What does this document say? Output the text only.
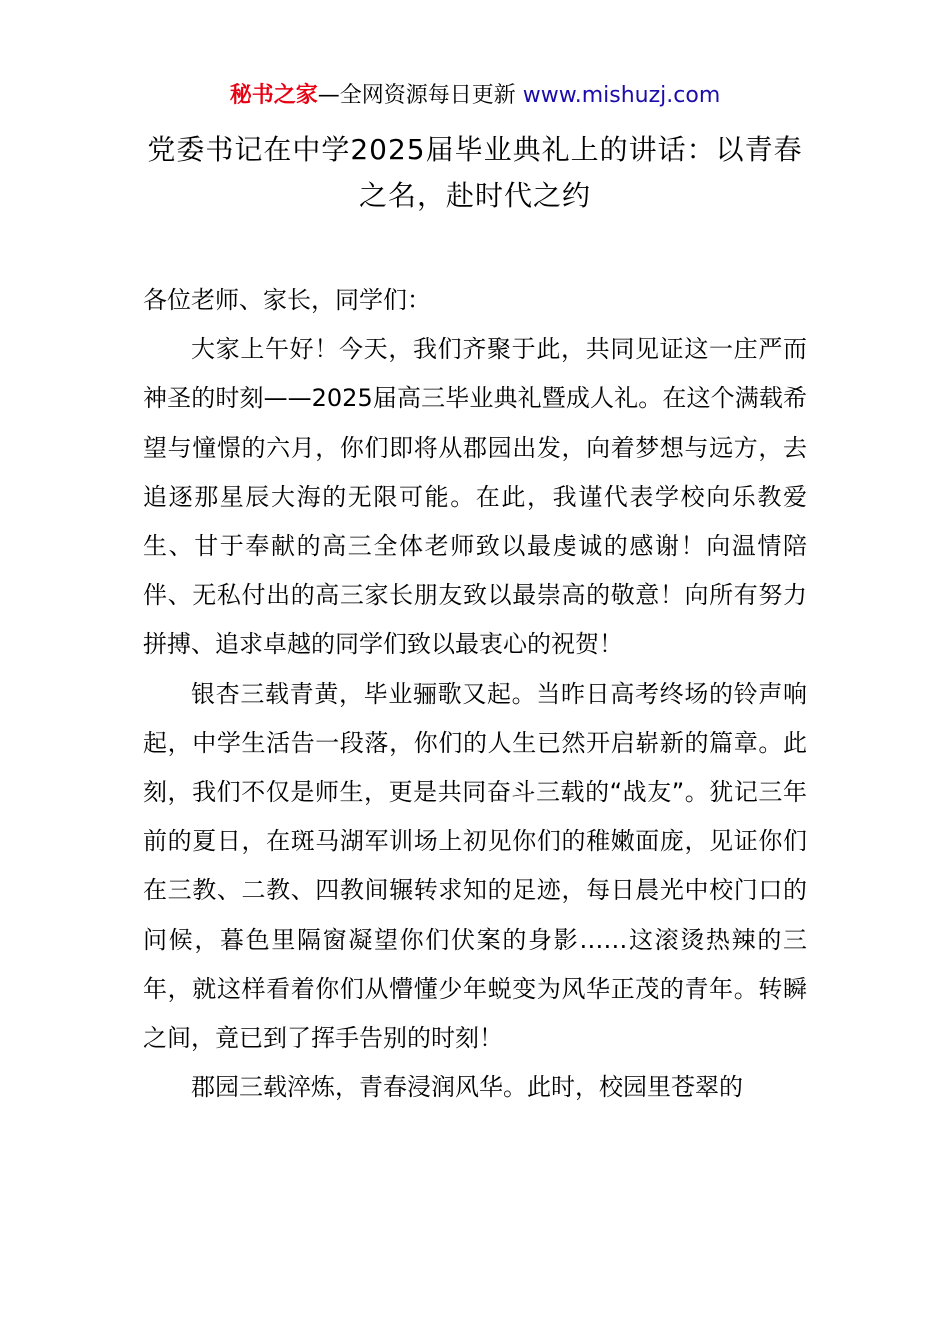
秘书之家—全网资源每日更新 www.mishuzj.com
党委书记在中学2025届毕业典礼上的讲话：以青春之名，赴时代之约

各位老师、家长，同学们：

大家上午好！今天，我们齐聚于此，共同见证这一庄严而神圣的时刻——2025届高三毕业典礼暨成人礼。在这个满载希望与憧憬的六月，你们即将从郡园出发，向着梦想与远方，去追逐那星辰大海的无限可能。在此，我谨代表学校向乐教爱生、甘于奉献的高三全体老师致以最虔诚的感谢！向温情陪伴、无私付出的高三家长朋友致以最崇高的敬意！向所有努力拼搏、追求卓越的同学们致以最衷心的祝贺！

银杏三载青黄，毕业骊歌又起。当昨日高考终场的铃声响起，中学生活告一段落，你们的人生已然开启崭新的篇章。此刻，我们不仅是师生，更是共同奋斗三载的“战友”。犹记三年前的夏日，在斑马湖军训场上初见你们的稚嫩面庞，见证你们在三教、二教、四教间辗转求知的足迹，每日晨光中校门口的问候，暮色里隔窗凝望你们伏案的身影……这滚烫热辣的三年，就这样看着你们从懵懂少年蜕变为风华正茂的青年。转瞬之间，竟已到了挥手告别的时刻！

郡园三载淬炼，青春浸润风华。此时，校园里苍翠的
